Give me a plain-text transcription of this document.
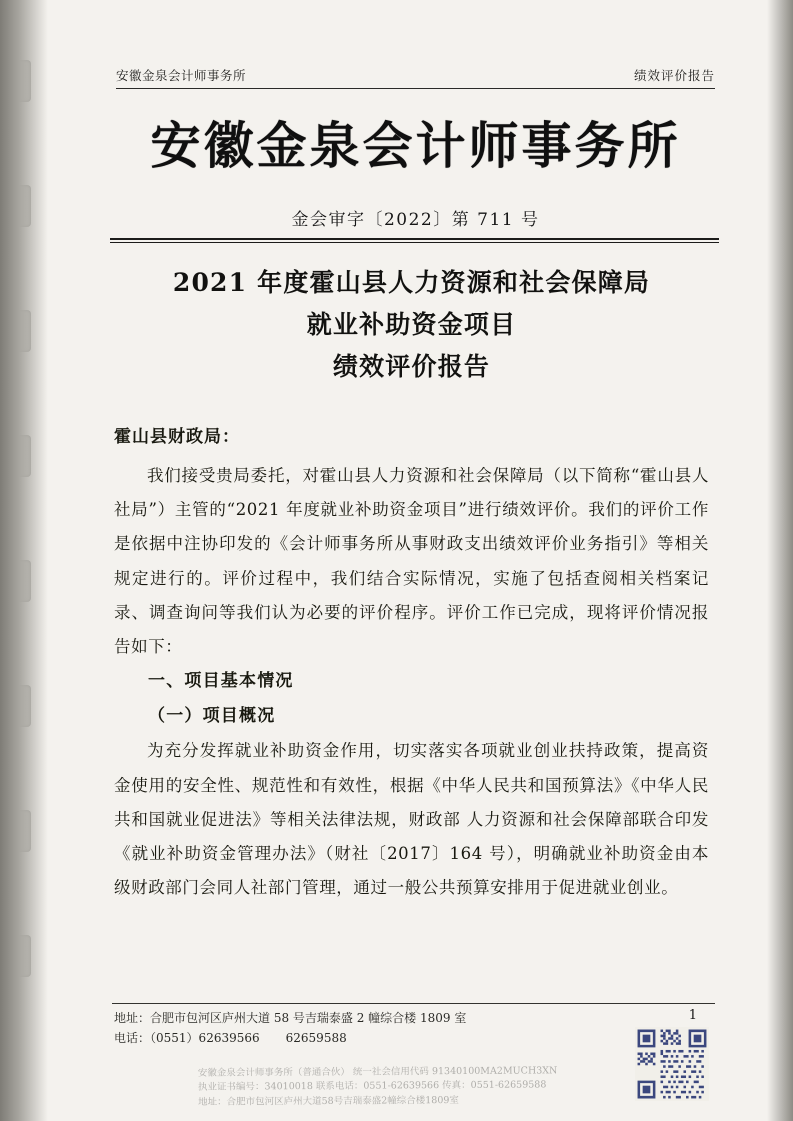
安徽金泉会计师事务所	绩效评价报告
安徽金泉会计师事务所
金会审字〔2022〕第 711 号
2021 年度霍山县人力资源和社会保障局
就业补助资金项目
绩效评价报告
霍山县财政局：
我们接受贵局委托，对霍山县人力资源和社会保障局（以下简称“霍山县人社局”）主管的“2021 年度就业补助资金项目”进行绩效评价。我们的评价工作是依据中注协印发的《会计师事务所从事财政支出绩效评价业务指引》等相关规定进行的。评价过程中，我们结合实际情况，实施了包括查阅相关档案记录、调查询问等我们认为必要的评价程序。评价工作已完成，现将评价情况报告如下：
一、项目基本情况
（一）项目概况
为充分发挥就业补助资金作用，切实落实各项就业创业扶持政策，提高资金使用的安全性、规范性和有效性，根据《中华人民共和国预算法》《中华人民共和国就业促进法》等相关法律法规，财政部 人力资源和社会保障部联合印发《就业补助资金管理办法》（财社〔2017〕164 号），明确就业补助资金由本级财政部门会同人社部门管理，通过一般公共预算安排用于促进就业创业。
地址：合肥市包河区庐州大道 58 号吉瑞泰盛 2 幢综合楼 1809 室
电话：（0551）62639566 62659588
1
安徽金泉会计师事务所（普通合伙） 统一社会信用代码 91340100MA2MUCH3XN
执业证书编号：34010018 联系电话：0551-62639566 传真：0551-62659588
地址：合肥市包河区庐州大道58号吉瑞泰盛2幢综合楼1809室
